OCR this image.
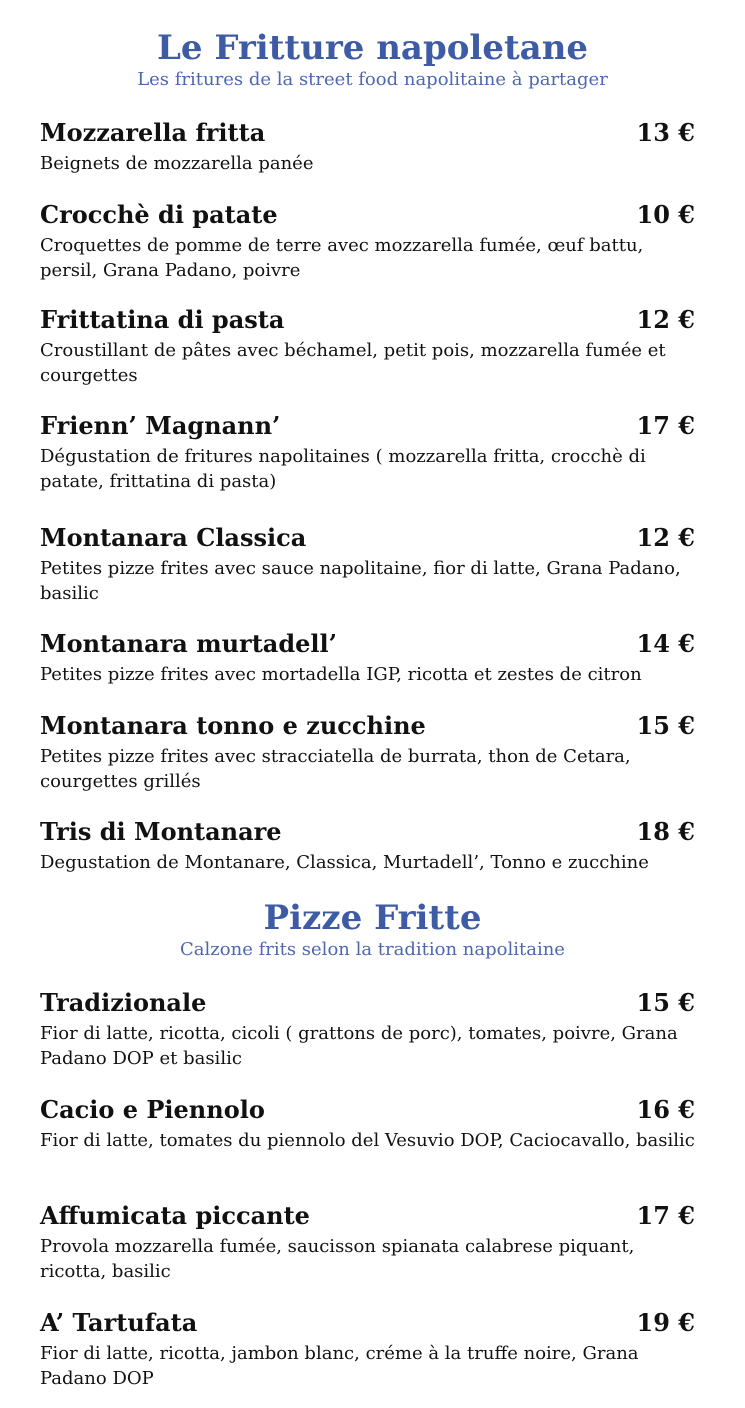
Le Fritture napoletane

Les fritures de la street food napolitaine à partager

Mozzarella fritta	13 €
Beignets de mozzarella panée
Crocchè di patate	10 €
Croquettes de pomme de terre avec mozzarella fumée, œuf battu, persil, Grana Padano, poivre
Frittatina di pasta	12 €
Croustillant de pâtes avec béchamel, petit pois, mozzarella fumée et courgettes
Frienn’ Magnann’	17 €
Dégustation de fritures napolitaines ( mozzarella fritta, crocchè di patate, frittatina di pasta)
Montanara Classica	12 €
Petites pizze frites avec sauce napolitaine, fior di latte, Grana Padano, basilic
Montanara murtadell’	14 €
Petites pizze frites avec mortadella IGP, ricotta et zestes de citron
Montanara tonno e zucchine	15 €
Petites pizze frites avec stracciatella de burrata, thon de Cetara, courgettes grillés
Tris di Montanare	18 €
Degustation de Montanare, Classica, Murtadell’, Tonno e zucchine
Pizze Fritte

Calzone frits selon la tradition napolitaine

Tradizionale	15 €
Fior di latte, ricotta, cicoli ( grattons de porc), tomates, poivre, Grana Padano DOP et basilic
Cacio e Piennolo	16 €
Fior di latte, tomates du piennolo del Vesuvio DOP, Caciocavallo, basilic
Affumicata piccante	17 €
Provola mozzarella fumée, saucisson spianata calabrese piquant, ricotta, basilic
A’ Tartufata	19 €
Fior di latte, ricotta, jambon blanc, créme à la truffe noire, Grana Padano DOP
